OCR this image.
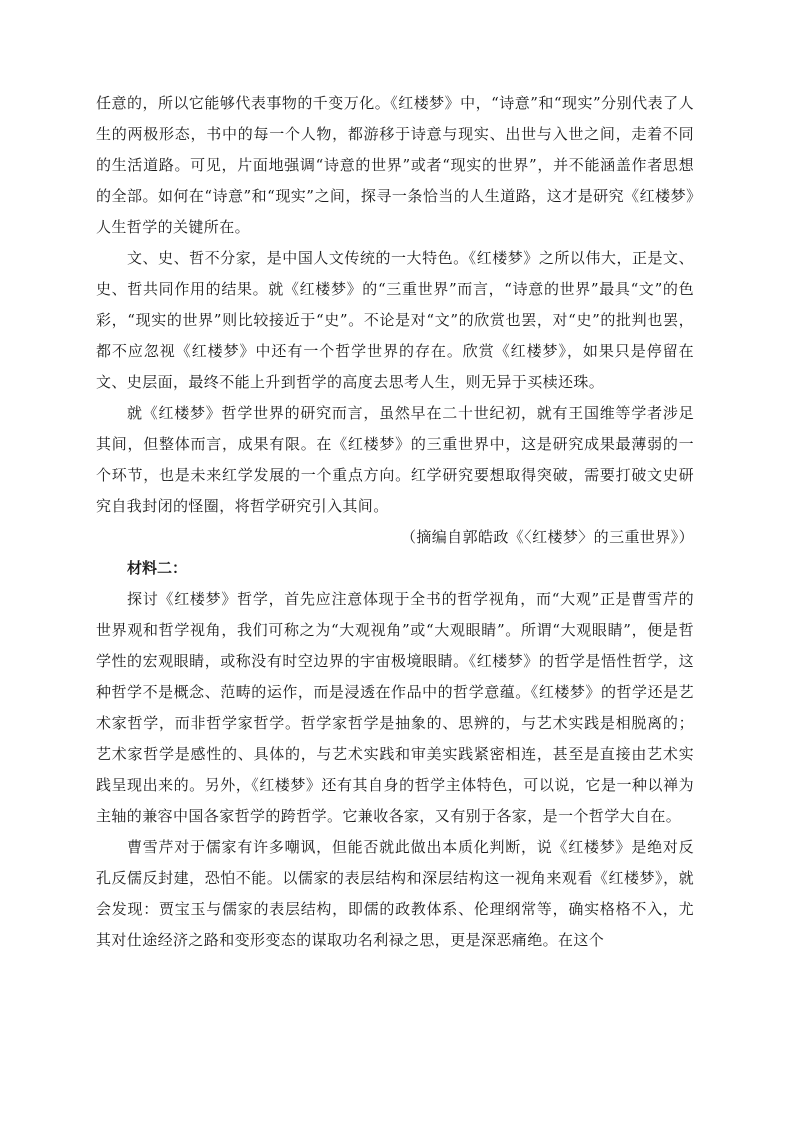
任意的，所以它能够代表事物的千变万化。《红楼梦》中，“诗意”和“现实”分别代表了人生的两极形态，书中的每一个人物，都游移于诗意与现实、出世与入世之间，走着不同的生活道路。可见，片面地强调“诗意的世界”或者“现实的世界”，并不能涵盖作者思想的全部。如何在“诗意”和“现实”之间，探寻一条恰当的人生道路，这才是研究《红楼梦》人生哲学的关键所在。

文、史、哲不分家，是中国人文传统的一大特色。《红楼梦》之所以伟大，正是文、史、哲共同作用的结果。就《红楼梦》的“三重世界”而言，“诗意的世界”最具“文”的色彩，“现实的世界”则比较接近于“史”。不论是对“文”的欣赏也罢，对“史”的批判也罢，都不应忽视《红楼梦》中还有一个哲学世界的存在。欣赏《红楼梦》，如果只是停留在文、史层面，最终不能上升到哲学的高度去思考人生，则无异于买椟还珠。

就《红楼梦》哲学世界的研究而言，虽然早在二十世纪初，就有王国维等学者涉足其间，但整体而言，成果有限。在《红楼梦》的三重世界中，这是研究成果最薄弱的一个环节，也是未来红学发展的一个重点方向。红学研究要想取得突破，需要打破文史研究自我封闭的怪圈，将哲学研究引入其间。

（摘编自郭皓政《〈红楼梦〉的三重世界》）

材料二：

探讨《红楼梦》哲学，首先应注意体现于全书的哲学视角，而“大观”正是曹雪芹的世界观和哲学视角，我们可称之为“大观视角”或“大观眼睛”。所谓“大观眼睛”，便是哲学性的宏观眼睛，或称没有时空边界的宇宙极境眼睛。《红楼梦》的哲学是悟性哲学，这种哲学不是概念、范畴的运作，而是浸透在作品中的哲学意蕴。《红楼梦》的哲学还是艺术家哲学，而非哲学家哲学。哲学家哲学是抽象的、思辨的，与艺术实践是相脱离的；艺术家哲学是感性的、具体的，与艺术实践和审美实践紧密相连，甚至是直接由艺术实践呈现出来的。另外，《红楼梦》还有其自身的哲学主体特色，可以说，它是一种以禅为主轴的兼容中国各家哲学的跨哲学。它兼收各家，又有别于各家，是一个哲学大自在。

曹雪芹对于儒家有许多嘲讽，但能否就此做出本质化判断，说《红楼梦》是绝对反孔反儒反封建，恐怕不能。以儒家的表层结构和深层结构这一视角来观看《红楼梦》，就会发现：贾宝玉与儒家的表层结构，即儒的政教体系、伦理纲常等，确实格格不入，尤其对仕途经济之路和变形变态的谋取功名利禄之思，更是深恶痛绝。在这个
